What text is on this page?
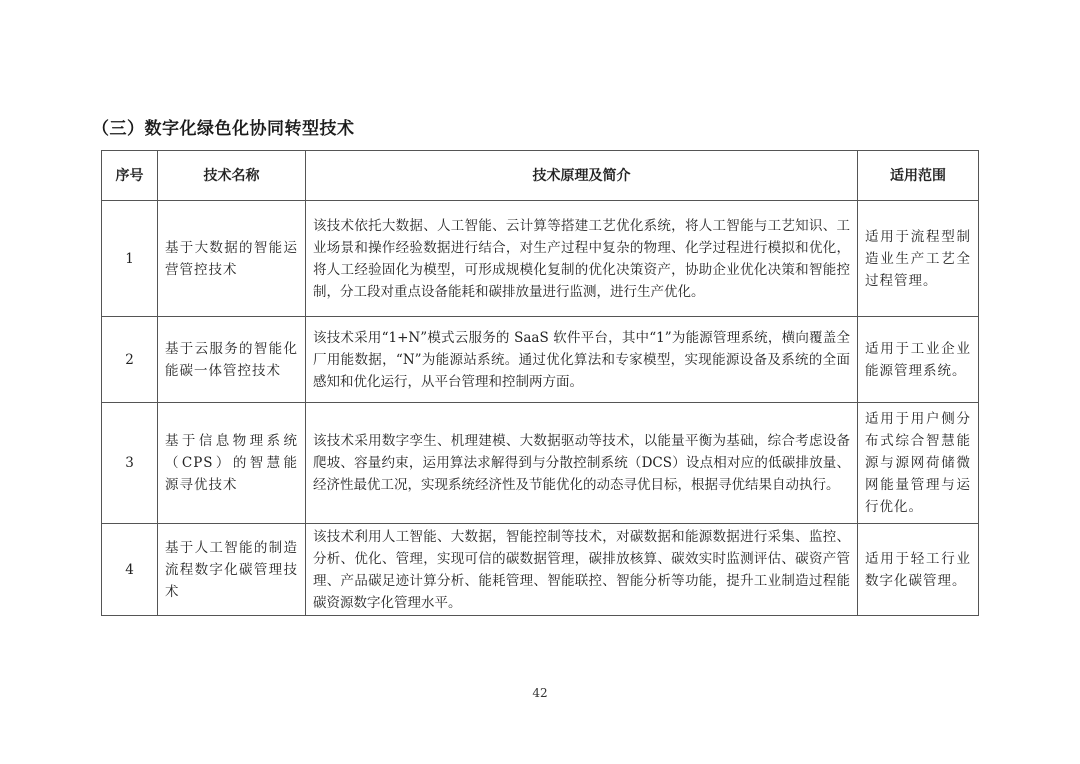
（三）数字化绿色化协同转型技术
序号	技术名称	技术原理及简介	适用范围
1	基于大数据的智能运营管控技术	该技术依托大数据、人工智能、云计算等搭建工艺优化系统，将人工智能与工艺知识、工业场景和操作经验数据进行结合，对生产过程中复杂的物理、化学过程进行模拟和优化，将人工经验固化为模型，可形成规模化复制的优化决策资产，协助企业优化决策和智能控制，分工段对重点设备能耗和碳排放量进行监测，进行生产优化。	适用于流程型制造业生产工艺全过程管理。
2	基于云服务的智能化能碳一体管控技术	该技术采用“1+N”模式云服务的 SaaS 软件平台，其中“1”为能源管理系统，横向覆盖全厂用能数据，“N”为能源站系统。通过优化算法和专家模型，实现能源设备及系统的全面感知和优化运行，从平台管理和控制两方面。	适用于工业企业能源管理系统。
3	基于信息物理系统（CPS）的智慧能源寻优技术	该技术采用数字孪生、机理建模、大数据驱动等技术，以能量平衡为基础，综合考虑设备爬坡、容量约束，运用算法求解得到与分散控制系统（DCS）设点相对应的低碳排放量、经济性最优工况，实现系统经济性及节能优化的动态寻优目标，根据寻优结果自动执行。	适用于用户侧分布式综合智慧能源与源网荷储微网能量管理与运行优化。
4	基于人工智能的制造流程数字化碳管理技术	该技术利用人工智能、大数据，智能控制等技术，对碳数据和能源数据进行采集、监控、分析、优化、管理，实现可信的碳数据管理，碳排放核算、碳效实时监测评估、碳资产管理、产品碳足迹计算分析、能耗管理、智能联控、智能分析等功能，提升工业制造过程能碳资源数字化管理水平。	适用于轻工行业数字化碳管理。
42
